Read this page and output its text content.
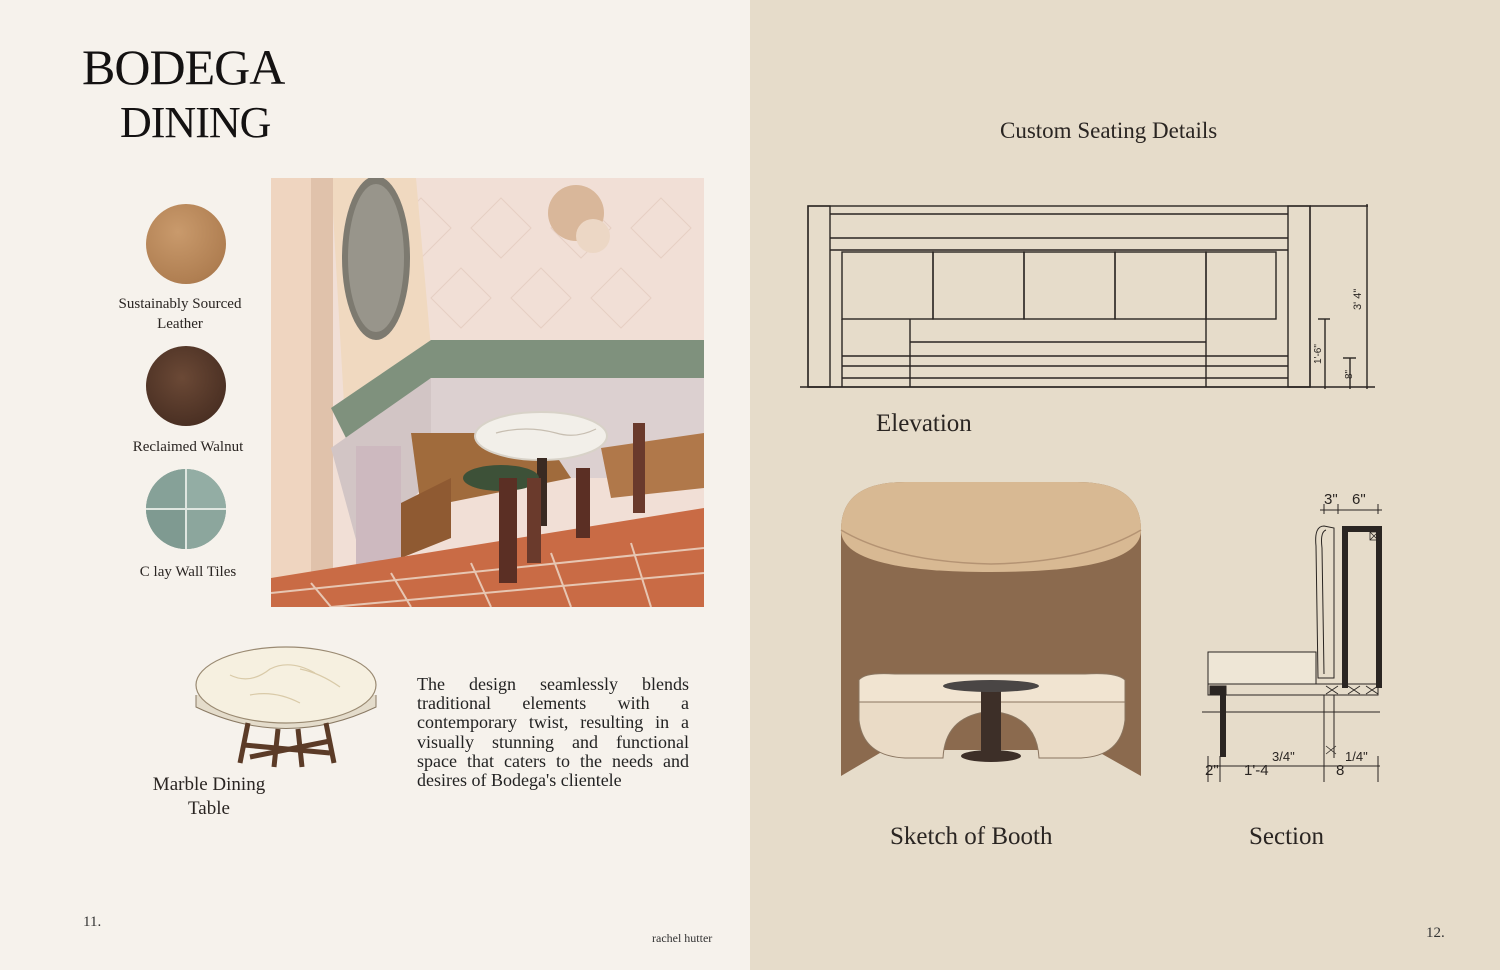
BODEGA
DINING
Sustainably Sourced
Leather
Reclaimed Walnut
C lay Wall Tiles
Marble Dining
Table
The design seamlessly blends traditional elements with a contemporary twist, resulting in a visually stunning and functional space that caters to the needs and desires of Bodega's clientele
11.
rachel hutter
Custom Seating Details
3' 4"
1'-6"
8"
Elevation
Sketch of Booth
3" 6"
2" 1'-4
3/4"
8
1/4"
Section
12.
